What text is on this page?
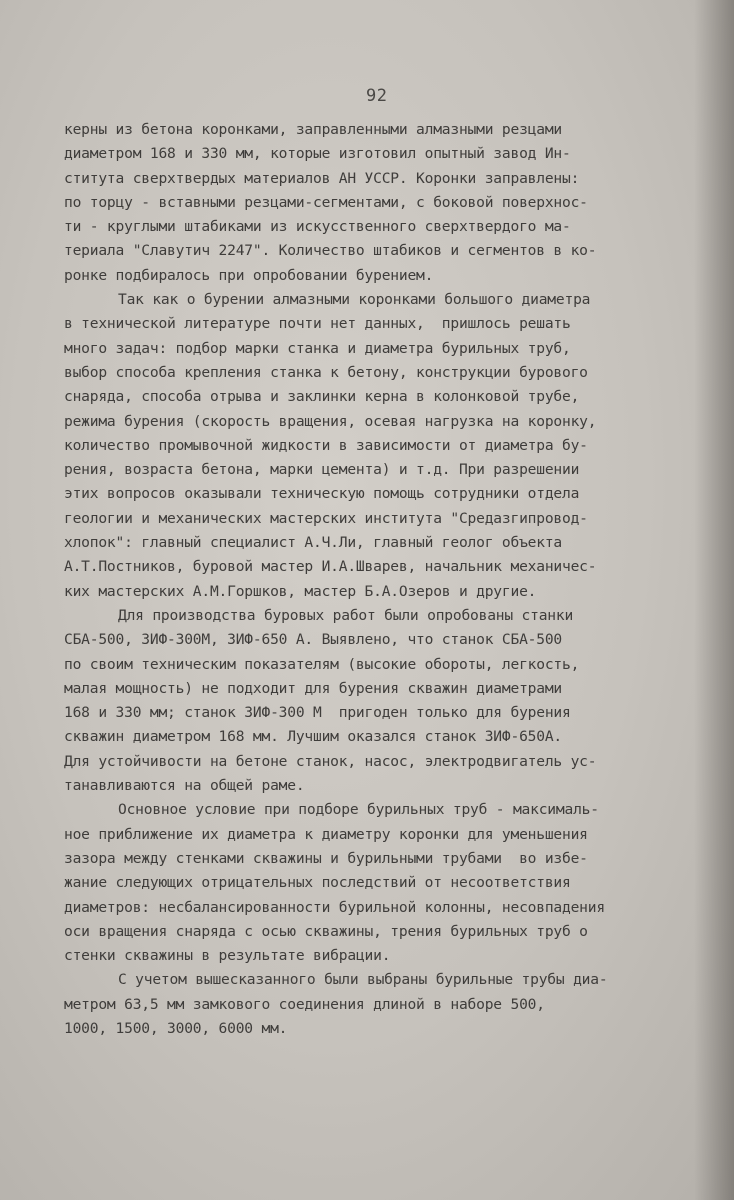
92
керны из бетона коронками, заправленными алмазными резцами
диаметром 168 и 330 мм, которые изготовил опытный завод Ин-
ститута сверхтвердых материалов АН УССР. Коронки заправлены:
по торцу - вставными резцами-сегментами, с боковой поверхнос-
ти - круглыми штабиками из искусственного сверхтвердого ма-
териала "Славутич 2247". Количество штабиков и сегментов в ко-
ронке подбиралось при опробовании бурением.
Так как о бурении алмазными коронками большого диаметра
в технической литературе почти нет данных,  пришлось решать
много задач: подбор марки станка и диаметра бурильных труб,
выбор способа крепления станка к бетону, конструкции бурового
снаряда, способа отрыва и заклинки керна в колонковой трубе,
режима бурения (скорость вращения, осевая нагрузка на коронку,
количество промывочной жидкости в зависимости от диаметра бу-
рения, возраста бетона, марки цемента) и т.д. При разрешении
этих вопросов оказывали техническую помощь сотрудники отдела
геологии и механических мастерских института "Средазгипровод-
хлопок": главный специалист А.Ч.Ли, главный геолог объекта
А.Т.Постников, буровой мастер И.А.Шварев, начальник механичес-
ких мастерских А.М.Горшков, мастер Б.А.Озеров и другие.
Для производства буровых работ были опробованы станки
СБА-500, ЗИФ-300М, ЗИФ-650 А. Выявлено, что станок СБА-500
по своим техническим показателям (высокие обороты, легкость,
малая мощность) не подходит для бурения скважин диаметрами
168 и 330 мм; станок ЗИФ-300 М  пригоден только для бурения
скважин диаметром 168 мм. Лучшим оказался станок ЗИФ-650А.
Для устойчивости на бетоне станок, насос, электродвигатель ус-
танавливаются на общей раме.
Основное условие при подборе бурильных труб - максималь-
ное приближение их диаметра к диаметру коронки для уменьшения
зазора между стенками скважины и бурильными трубами  во избе-
жание следующих отрицательных последствий от несоответствия
диаметров: несбалансированности бурильной колонны, несовпадения
оси вращения снаряда с осью скважины, трения бурильных труб о
стенки скважины в результате вибрации.
С учетом вышесказанного были выбраны бурильные трубы диа-
метром 63,5 мм замкового соединения длиной в наборе 500,
1000, 1500, 3000, 6000 мм.
